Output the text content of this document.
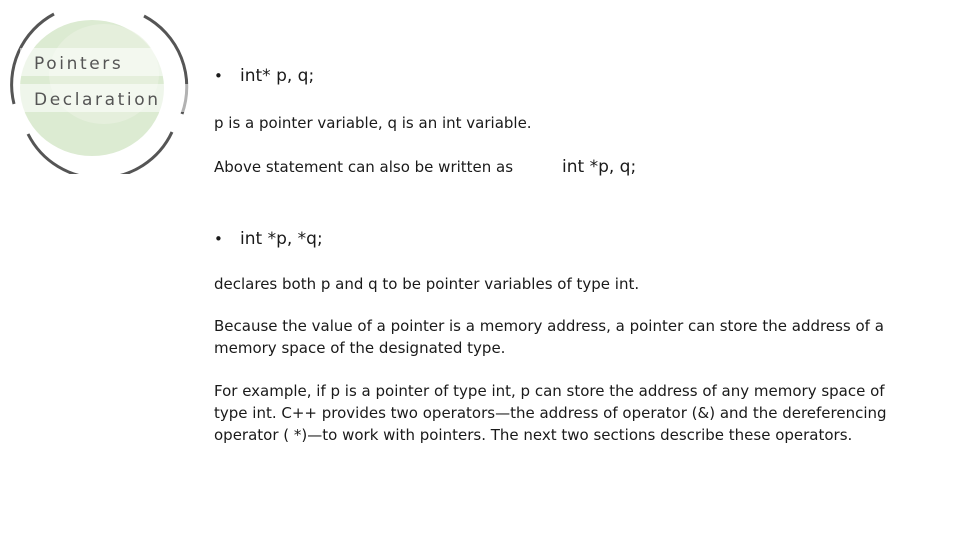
Pointers
Declaration
• int* p, q;
p is a pointer variable, q is an int variable.
Above statement can also be written as	int *p, q;
• int *p, *q;
declares both p and q to be pointer variables of type int.
Because the value of a pointer is a memory address, a pointer can store the address of a memory space of the designated type.
For example, if p is a pointer of type int, p can store the address of any memory space of type int. C++ provides two operators—the address of operator (&) and the dereferencing operator ( *)—to work with pointers. The next two sections describe these operators.
